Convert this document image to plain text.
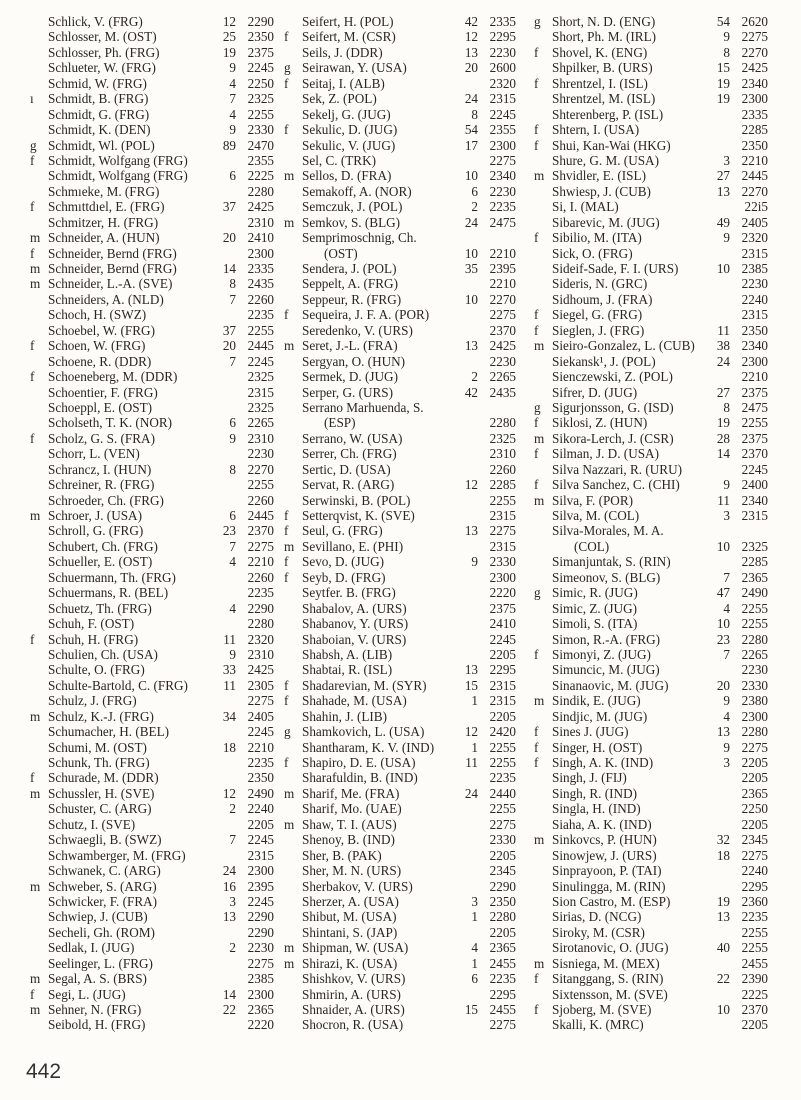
Schlick, V. (FRG)	12 2290
Schlosser, M. (OST)	25 2350
Schlosser, Ph. (FRG)	19 2375
Schlueter, W. (FRG)	9 2245
Schmid, W. (FRG)	4 2250
ı	Schmidt, B. (FRG)	7 2325
Schmidt, G. (FRG)	4 2255
Schmidt, K. (DEN)	9 2330
g Schmidt, Wl. (POL)	89 2470
f	Schmidt, Wolfgang (FRG)	2355
Schmidt, Wolfgang (FRG)	6 2225
Schmıeke, M. (FRG)	2280
f	Schmıttdıel, E. (FRG)	37 2425
Schmitzer, H. (FRG)	2310
m Schneider, A. (HUN)	20 2410
f	Schneider, Bernd (FRG)	2300
m Schneider, Bernd (FRG)	14 2335
m Schneider, L.-A. (SVE)	8 2435
Schneiders, A. (NLD)	7 2260
Schoch, H. (SWZ)	2235
Schoebel, W. (FRG)	37 2255
f	Schoen, W. (FRG)	20 2445
Schoene, R. (DDR)	7 2245
f	Schoeneberg, M. (DDR)	2325
Schoentier, F. (FRG)	2315
Schoeppl, E. (OST)	2325
Scholseth, T. K. (NOR)	6 2265
f	Scholz, G. S. (FRA)	9 2310
Schorr, L. (VEN)	2230
Schrancz, I. (HUN)	8 2270
Schreiner, R. (FRG)	2255
Schroeder, Ch. (FRG)	2260
m Schroer, J. (USA)	6 2445
Schroll, G. (FRG)	23 2370
Schubert, Ch. (FRG)	7 2275
Schueller, E. (OST)	4 2210
Schuermann, Th. (FRG)	2260
Schuermans, R. (BEL)	2235
Schuetz, Th. (FRG)	4 2290
Schuh, F. (OST)	2280
f	Schuh, H. (FRG)	11 2320
Schulien, Ch. (USA)	9 2310
Schulte, O. (FRG)	33 2425
Schulte-Bartold, C. (FRG)	11 2305
Schulz, J. (FRG)	2275
m Schulz, K.-J. (FRG)	34 2405
Schumacher, H. (BEL)	2245
Schumi, M. (OST)	18 2210
Schunk, Th. (FRG)	2235
f	Schurade, M. (DDR)	2350
m Schussler, H. (SVE)	12 2490
Schuster, C. (ARG)	2 2240
Schutz, I. (SVE)	2205
Schwaegli, B. (SWZ)	7 2245
Schwamberger, M. (FRG)	2315
Schwanek, C. (ARG)	24 2300
m Schweber, S. (ARG)	16 2395
Schwicker, F. (FRA)	3 2245
Schwiep, J. (CUB)	13 2290
Secheli, Gh. (ROM)	2290
Sedlak, I. (JUG)	2 2230
Seelinger, L. (FRG)	2275
m Segal, A. S. (BRS)	2385
f	Segi, L. (JUG)	14 2300
m Sehner, N. (FRG)	22 2365
Seibold, H. (FRG)	2220
Seifert, H. (POL)	42 2335
f	Seifert, M. (CSR)	12 2295
Seils, J. (DDR)	13 2230
g Seirawan, Y. (USA)	20 2600
f	Seitaj, I. (ALB)	2320
Sek, Z. (POL)	24 2315
Sekelj, G. (JUG)	8 2245
f	Sekulic, D. (JUG)	54 2355
Sekulic, V. (JUG)	17 2300
Sel, C. (TRK)	2275
m Sellos, D. (FRA)	10 2340
Semakoff, A. (NOR)	6 2230
Semczuk, J. (POL)	2 2235
m Semkov, S. (BLG)	24 2475
Semprimoschnig, Ch.
(OST)	10 2210
Sendera, J. (POL)	35 2395
Seppelt, A. (FRG)	2210
Seppeur, R. (FRG)	10 2270
f	Sequeira, J. F. A. (POR)	2275
Seredenko, V. (URS)	2370
m Seret, J.-L. (FRA)	13 2425
Sergyan, O. (HUN)	2230
Sermek, D. (JUG)	2 2265
Serper, G. (URS)	42 2435
Serrano Marhuenda, S.
(ESP)	2280
Serrano, W. (USA)	2325
Serrer, Ch. (FRG)	2310
Sertic, D. (USA)	2260
Servat, R. (ARG)	12 2285
Serwinski, B. (POL)	2255
f	Setterqvist, K. (SVE)	2315
f	Seul, G. (FRG)	13 2275
m Sevillano, E. (PHI)	2315
f	Sevo, D. (JUG)	9 2330
f	Seyb, D. (FRG)	2300
Seytfer. B. (FRG)	2220
Shabalov, A. (URS)	2375
Shabanov, Y. (URS)	2410
Shaboian, V. (URS)	2245
Shabsh, A. (LIB)	2205
Shabtai, R. (ISL)	13 2295
f	Shadarevian, M. (SYR)	15 2315
f	Shahade, M. (USA)	1 2315
Shahin, J. (LIB)	2205
g Shamkovich, L. (USA)	12 2420
Shantharam, K. V. (IND)	1 2255
f	Shapiro, D. E. (USA)	11 2255
Sharafuldin, B. (IND)	2235
m Sharif, Me. (FRA)	24 2440
Sharif, Mo. (UAE)	2255
m Shaw, T. I. (AUS)	2275
Shenoy, B. (IND)	2330
Sher, B. (PAK)	2205
Sher, M. N. (URS)	2345
Sherbakov, V. (URS)	2290
Sherzer, A. (USA)	3 2350
Shibut, M. (USA)	1 2280
Shintani, S. (JAP)	2205
m Shipman, W. (USA)	4 2365
m Shirazi, K. (USA)	1 2455
Shishkov, V. (URS)	6 2235
Shmirin, A. (URS)	2295
Shnaider, A. (URS)	15 2455
Shocron, R. (USA)	2275
g Short, N. D. (ENG)	54 2620
Short, Ph. M. (IRL)	9 2275
f	Shovel, K. (ENG)	8 2270
Shpilker, B. (URS)	15 2425
f	Shrentzel, I. (ISL)	19 2340
Shrentzel, M. (ISL)	19 2300
Shterenberg, P. (ISL)	2335
f	Shtern, I. (USA)	2285
f	Shui, Kan-Wai (HKG)	2350
Shure, G. M. (USA)	3 2210
m Shvidler, E. (ISL)	27 2445
Shwiesp, J. (CUB)	13 2270
Si, I. (MAL)	22i5
Sibarevic, M. (JUG)	49 2405
f	Sibilio, M. (ITA)	9 2320
Sick, O. (FRG)	2315
Sideif-Sade, F. I. (URS)	10 2385
Sideris, N. (GRC)	2230
Sidhoum, J. (FRA)	2240
f	Siegel, G. (FRG)	2315
f	Sieglen, J. (FRG)	11 2350
m Sieiro-Gonzalez, L. (CUB)	38 2340
Siekansk¹, J. (POL)	24 2300
Sienczewski, Z. (POL)	2210
Sifrer, D. (JUG)	27 2375
g Sigurjonsson, G. (ISD)	8 2475
f	Siklosi, Z. (HUN)	19 2255
m Sikora-Lerch, J. (CSR)	28 2375
f	Silman, J. D. (USA)	14 2370
Silva Nazzari, R. (URU)	2245
f	Silva Sanchez, C. (CHI)	9 2400
m Silva, F. (POR)	11 2340
Silva, M. (COL)	3 2315
Silva-Morales, M. A.
(COL)	10 2325
Simanjuntak, S. (RIN)	2285
Simeonov, S. (BLG)	7 2365
g Simic, R. (JUG)	47 2490
Simic, Z. (JUG)	4 2255
Simoli, S. (ITA)	10 2255
Simon, R.-A. (FRG)	23 2280
f	Simonyi, Z. (JUG)	7 2265
Simuncic, M. (JUG)	2230
Sinanaovic, M. (JUG)	20 2330
m Sindik, E. (JUG)	9 2380
Sindjic, M. (JUG)	4 2300
f	Sines J. (JUG)	13 2280
f	Singer, H. (OST)	9 2275
f	Singh, A. K. (IND)	3 2205
Singh, J. (FIJ)	2205
Singh, R. (IND)	2365
Singla, H. (IND)	2250
Siaha, A. K. (IND)	2205
m Sinkovcs, P. (HUN)	32 2345
Sinowjew, J. (URS)	18 2275
Sinprayoon, P. (TAI)	2240
Sinulingga, M. (RIN)	2295
Sion Castro, M. (ESP)	19 2360
Sirias, D. (NCG)	13 2235
Siroky, M. (CSR)	2255
Sirotanovic, O. (JUG)	40 2255
m Sisniega, M. (MEX)	2455
f	Sitanggang, S. (RIN)	22 2390
Sixtensson, M. (SVE)	2225
f	Sjoberg, M. (SVE)	10 2370
Skalli, K. (MRC)	2205
442
